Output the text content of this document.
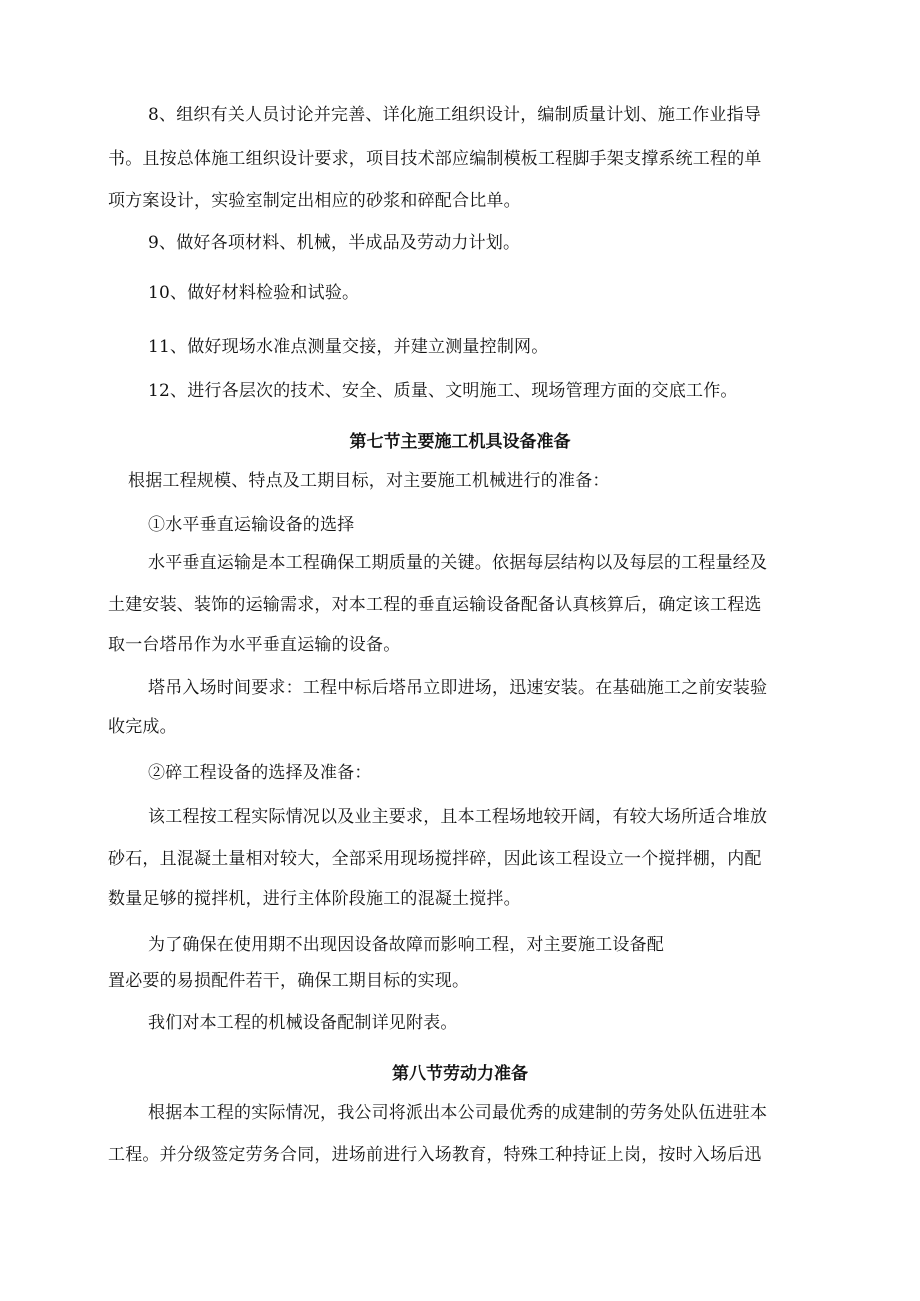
8、组织有关人员讨论并完善、详化施工组织设计，编制质量计划、施工作业指导
书。且按总体施工组织设计要求，项目技术部应编制模板工程脚手架支撑系统工程的单
项方案设计，实验室制定出相应的砂浆和碎配合比单。
9、做好各项材料、机械，半成品及劳动力计划。
10、做好材料检验和试验。
11、做好现场水准点测量交接，并建立测量控制网。
12、进行各层次的技术、安全、质量、文明施工、现场管理方面的交底工作。
第七节主要施工机具设备准备
根据工程规模、特点及工期目标，对主要施工机械进行的准备：
①水平垂直运输设备的选择
水平垂直运输是本工程确保工期质量的关键。依据每层结构以及每层的工程量经及
土建安装、装饰的运输需求，对本工程的垂直运输设备配备认真核算后，确定该工程选
取一台塔吊作为水平垂直运输的设备。
塔吊入场时间要求：工程中标后塔吊立即进场，迅速安装。在基础施工之前安装验
收完成。
②碎工程设备的选择及准备：
该工程按工程实际情况以及业主要求，且本工程场地较开阔，有较大场所适合堆放
砂石，且混凝土量相对较大，全部采用现场搅拌碎，因此该工程设立一个搅拌棚，内配
数量足够的搅拌机，进行主体阶段施工的混凝土搅拌。
为了确保在使用期不出现因设备故障而影响工程，对主要施工设备配
置必要的易损配件若干，确保工期目标的实现。
我们对本工程的机械设备配制详见附表。
第八节劳动力准备
根据本工程的实际情况，我公司将派出本公司最优秀的成建制的劳务处队伍进驻本
工程。并分级签定劳务合同，进场前进行入场教育，特殊工种持证上岗，按时入场后迅
